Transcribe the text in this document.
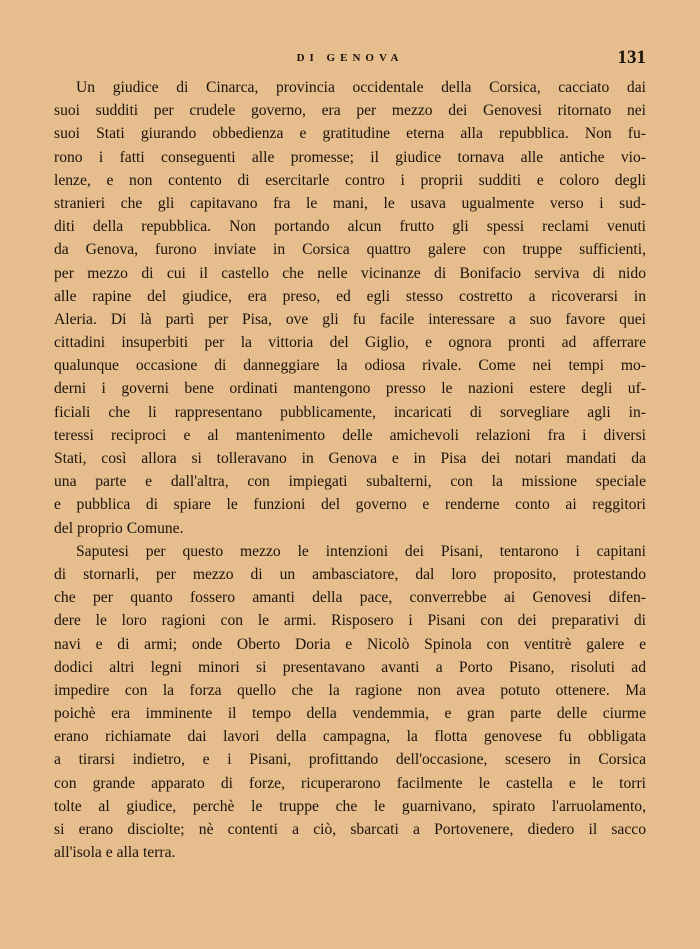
DI GENOVA	131
Un giudice di Cinarca, provincia occidentale della Corsica, cacciato dai
suoi sudditi per crudele governo, era per mezzo dei Genovesi ritornato nei
suoi Stati giurando obbedienza e gratitudine eterna alla repubblica. Non fu-
rono i fatti conseguenti alle promesse; il giudice tornava alle antiche vio-
lenze, e non contento di esercitarle contro i proprii sudditi e coloro degli
stranieri che gli capitavano fra le mani, le usava ugualmente verso i sud-
diti della repubblica. Non portando alcun frutto gli spessi reclami venuti
da Genova, furono inviate in Corsica quattro galere con truppe sufficienti,
per mezzo di cui il castello che nelle vicinanze di Bonifacio serviva di nido
alle rapine del giudice, era preso, ed egli stesso costretto a ricoverarsi in
Aleria. Di là partì per Pisa, ove gli fu facile interessare a suo favore quei
cittadini insuperbiti per la vittoria del Giglio, e ognora pronti ad afferrare
qualunque occasione di danneggiare la odiosa rivale. Come nei tempi mo-
derni i governi bene ordinati mantengono presso le nazioni estere degli uf-
ficiali che li rappresentano pubblicamente, incaricati di sorvegliare agli in-
teressi reciproci e al mantenimento delle amichevoli relazioni fra i diversi
Stati, così allora si tolleravano in Genova e in Pisa dei notari mandati da
una parte e dall'altra, con impiegati subalterni, con la missione speciale
e pubblica di spiare le funzioni del governo e renderne conto ai reggitori
del proprio Comune.
Saputesi per questo mezzo le intenzioni dei Pisani, tentarono i capitani
di stornarli, per mezzo di un ambasciatore, dal loro proposito, protestando
che per quanto fossero amanti della pace, converrebbe ai Genovesi difen-
dere le loro ragioni con le armi. Risposero i Pisani con dei preparativi di
navi e di armi; onde Oberto Doria e Nicolò Spinola con ventitrè galere e
dodici altri legni minori si presentavano avanti a Porto Pisano, risoluti ad
impedire con la forza quello che la ragione non avea potuto ottenere. Ma
poichè era imminente il tempo della vendemmia, e gran parte delle ciurme
erano richiamate dai lavori della campagna, la flotta genovese fu obbligata
a tirarsi indietro, e i Pisani, profittando dell'occasione, scesero in Corsica
con grande apparato di forze, ricuperarono facilmente le castella e le torri
tolte al giudice, perchè le truppe che le guarnivano, spirato l'arruolamento,
si erano disciolte; nè contenti a ciò, sbarcati a Portovenere, diedero il sacco
all'isola e alla terra.
